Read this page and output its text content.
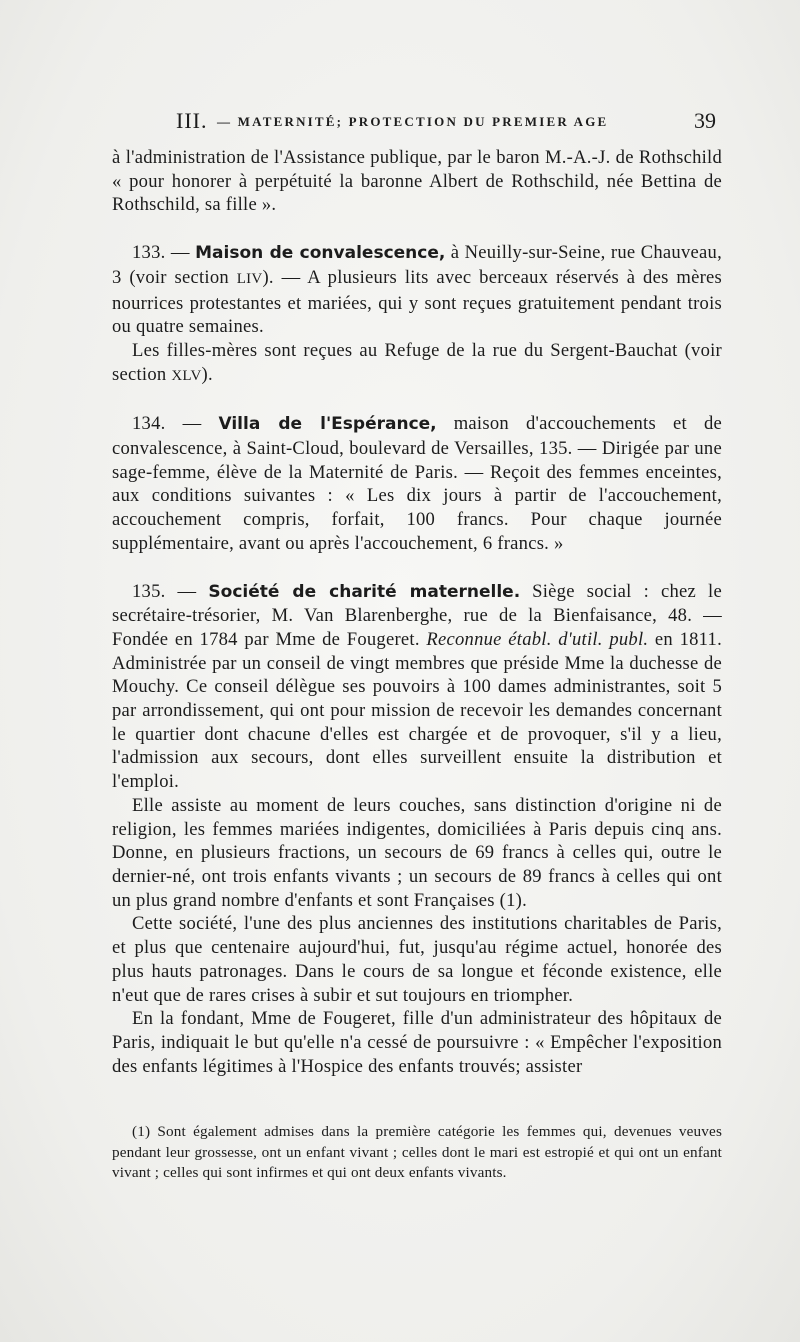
III. — MATERNITÉ; PROTECTION DU PREMIER AGE	39

à l'administration de l'Assistance publique, par le baron M.-A.-J. de Rothschild « pour honorer à perpétuité la baronne Albert de Rothschild, née Bettina de Rothschild, sa fille ».

133. — Maison de convalescence, à Neuilly-sur-Seine, rue Chauveau, 3 (voir section LIV). — A plusieurs lits avec berceaux réservés à des mères nourrices protestantes et mariées, qui y sont reçues gratuitement pendant trois ou quatre semaines.

Les filles-mères sont reçues au Refuge de la rue du Sergent-Bauchat (voir section XLV).

134. — Villa de l'Espérance, maison d'accouchements et de convalescence, à Saint-Cloud, boulevard de Versailles, 135. — Dirigée par une sage-femme, élève de la Maternité de Paris. — Reçoit des femmes enceintes, aux conditions suivantes : « Les dix jours à partir de l'accouchement, accouchement compris, forfait, 100 francs. Pour chaque journée supplémentaire, avant ou après l'accouchement, 6 francs. »

135. — Société de charité maternelle. Siège social : chez le secrétaire-trésorier, M. Van Blarenberghe, rue de la Bienfaisance, 48. — Fondée en 1784 par Mme de Fougeret. Reconnue établ. d'util. publ. en 1811. Administrée par un conseil de vingt membres que préside Mme la duchesse de Mouchy. Ce conseil délègue ses pouvoirs à 100 dames administrantes, soit 5 par arrondissement, qui ont pour mission de recevoir les demandes concernant le quartier dont chacune d'elles est chargée et de provoquer, s'il y a lieu, l'admission aux secours, dont elles surveillent ensuite la distribution et l'emploi.

Elle assiste au moment de leurs couches, sans distinction d'origine ni de religion, les femmes mariées indigentes, domiciliées à Paris depuis cinq ans. Donne, en plusieurs fractions, un secours de 69 francs à celles qui, outre le dernier-né, ont trois enfants vivants ; un secours de 89 francs à celles qui ont un plus grand nombre d'enfants et sont Françaises (1).

Cette société, l'une des plus anciennes des institutions charitables de Paris, et plus que centenaire aujourd'hui, fut, jusqu'au régime actuel, honorée des plus hauts patronages. Dans le cours de sa longue et féconde existence, elle n'eut que de rares crises à subir et sut toujours en triompher.

En la fondant, Mme de Fougeret, fille d'un administrateur des hôpitaux de Paris, indiquait le but qu'elle n'a cessé de poursuivre : « Empêcher l'exposition des enfants légitimes à l'Hospice des enfants trouvés; assister

(1) Sont également admises dans la première catégorie les femmes qui, devenues veuves pendant leur grossesse, ont un enfant vivant ; celles dont le mari est estropié et qui ont un enfant vivant ; celles qui sont infirmes et qui ont deux enfants vivants.
